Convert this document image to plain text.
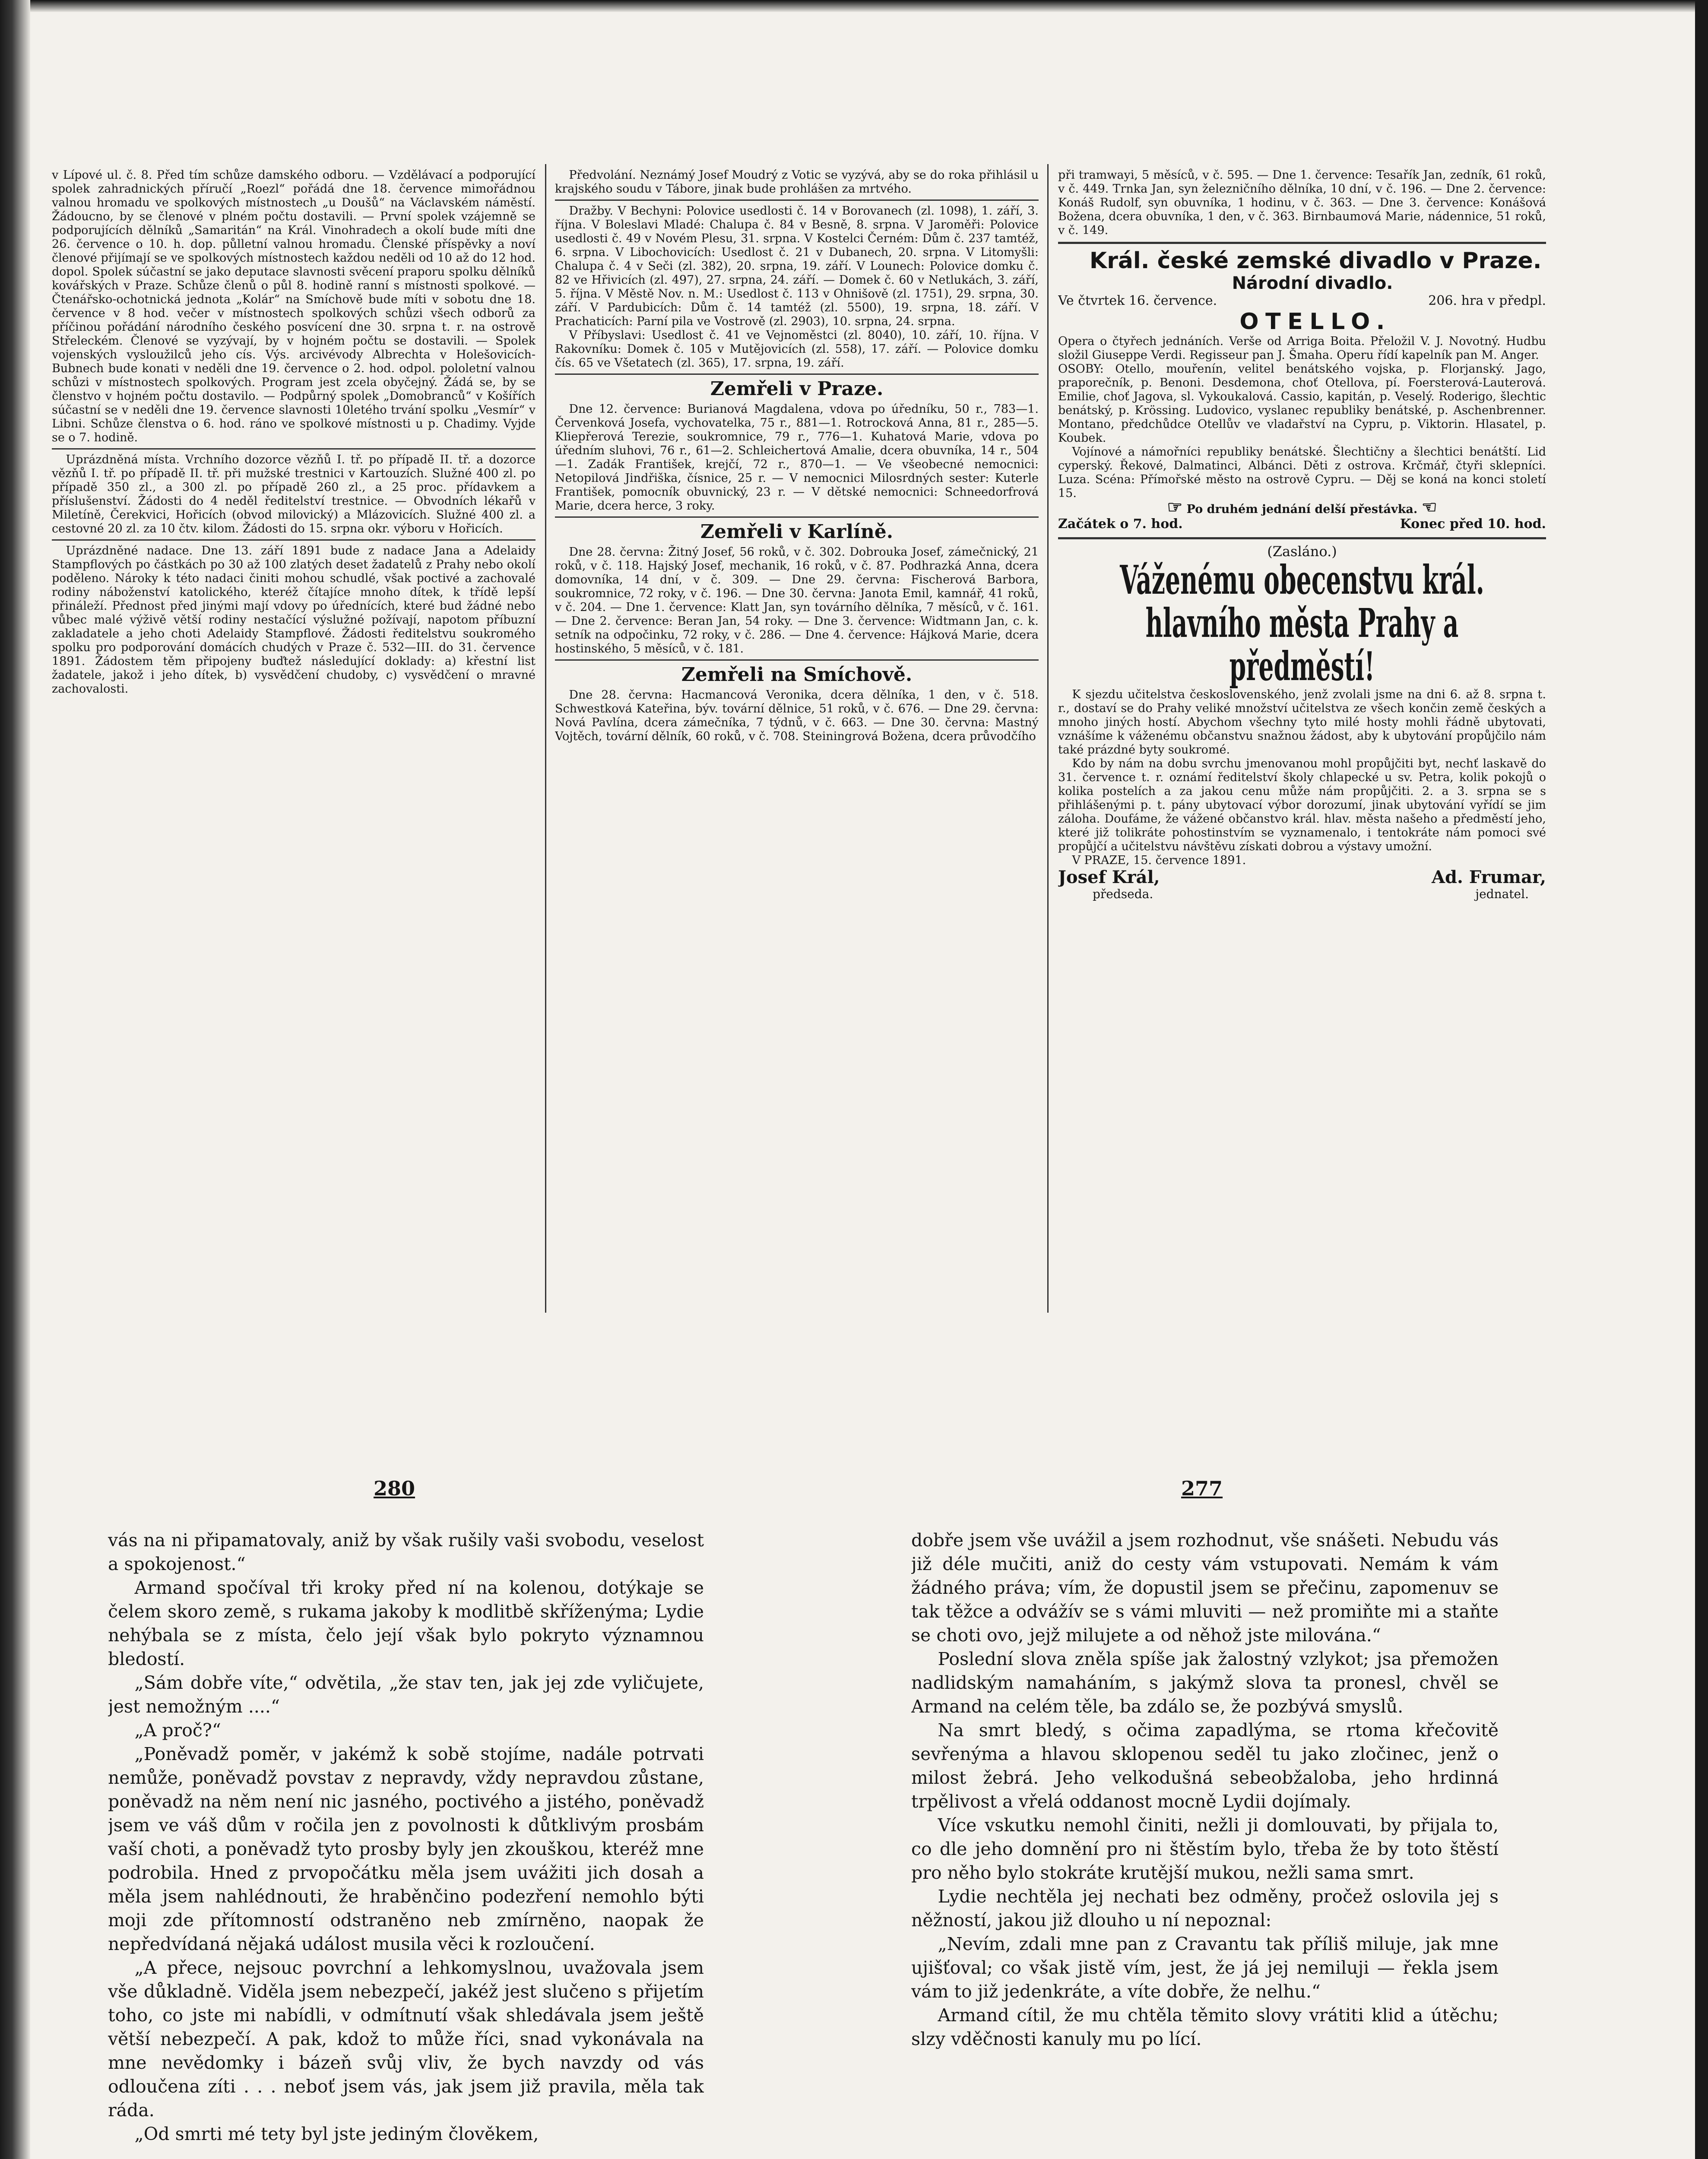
v Lípové ul. č. 8. Před tím schůze damského odboru. — Vzdělávací a podporující spolek zahradnických příručí „Roezl“ pořádá dne 18. července mimořádnou valnou hromadu ve spolkových místnostech „u Doušů“ na Václavském náměstí. Žádoucno, by se členové v plném počtu dostavili. — První spolek vzájemně se podporujících dělníků „Samaritán“ na Král. Vinohradech a okolí bude míti dne 26. července o 10. h. dop. půlletní valnou hromadu. Členské příspěvky a noví členové přijímají se ve spolkových místnostech každou neděli od 10 až do 12 hod. dopol. Spolek súčastní se jako deputace slavnosti svěcení praporu spolku dělníků kovářských v Praze. Schůze členů o půl 8. hodině ranní s místnosti spolkové. — Čtenářsko-ochotnická jednota „Kolár“ na Smíchově bude míti v sobotu dne 18. července v 8 hod. večer v místnostech spolkových schůzi všech odborů za příčinou pořádání národního českého posvícení dne 30. srpna t. r. na ostrově Střeleckém. Členové se vyzývají, by v hojném počtu se dostavili. — Spolek vojenských vysloužilců jeho cís. Výs. arcivévody Albrechta v Holešovicích-Bubnech bude konati v neděli dne 19. července o 2. hod. odpol. pololetní valnou schůzi v místnostech spolkových. Program jest zcela obyčejný. Žádá se, by se členstvo v hojném počtu dostavilo. — Podpůrný spolek „Domobranců“ v Košířích súčastní se v neděli dne 19. července slavnosti 10letého trvání spolku „Vesmír“ v Libni. Schůze členstva o 6. hod. ráno ve spolkové místnosti u p. Chadimy. Vyjde se o 7. hodině.

Uprázdněná místa. Vrchního dozorce vězňů I. tř. po případě II. tř. a dozorce vězňů I. tř. po případě II. tř. při mužské trestnici v Kartouzích. Služné 400 zl. po případě 350 zl., a 300 zl. po případě 260 zl., a 25 proc. přídavkem a příslušenství. Žádosti do 4 neděl ředitelství trestnice. — Obvodních lékařů v Miletíně, Čerekvici, Hořicích (obvod milovický) a Mlázovicích. Služné 400 zl. a cestovné 20 zl. za 10 čtv. kilom. Žádosti do 15. srpna okr. výboru v Hořicích.

Uprázdněné nadace. Dne 13. září 1891 bude z nadace Jana a Adelaidy Stampflových po částkách po 30 až 100 zlatých deset žadatelů z Prahy nebo okolí poděleno. Nároky k této nadaci činiti mohou schudlé, však poctivé a zachovalé rodiny náboženství katolického, kteréž čítajíce mnoho dítek, k třídě lepší přináleží. Přednost před jinými mají vdovy po úřednících, které bud žádné nebo vůbec malé výživě větší rodiny nestačící výslužné požívají, napotom příbuzní zakladatele a jeho choti Adelaidy Stampflové. Žádosti ředitelstvu soukromého spolku pro podporování domácích chudých v Praze č. 532—III. do 31. července 1891. Žádostem těm připojeny buďtež následující doklady: a) křestní list žadatele, jakož i jeho dítek, b) vysvědčení chudoby, c) vysvědčení o mravné zachovalosti.

Předvolání. Neznámý Josef Moudrý z Votic se vyzývá, aby se do roka přihlásil u krajského soudu v Tábore, jinak bude prohlášen za mrtvého.

Dražby. V Bechyni: Polovice usedlosti č. 14 v Borovanech (zl. 1098), 1. září, 3. října. V Boleslavi Mladé: Chalupa č. 84 v Besně, 8. srpna. V Jaroměři: Polovice usedlosti č. 49 v Novém Plesu, 31. srpna. V Kostelci Černém: Dům č. 237 tamtéž, 6. srpna. V Libochovicích: Usedlost č. 21 v Dubanech, 20. srpna. V Litomyšli: Chalupa č. 4 v Seči (zl. 382), 20. srpna, 19. září. V Lounech: Polovice domku č. 82 ve Hřivicích (zl. 497), 27. srpna, 24. září. — Domek č. 60 v Netlukách, 3. září, 5. října. V Městě Nov. n. M.: Usedlost č. 113 v Ohnišově (zl. 1751), 29. srpna, 30. září. V Pardubicích: Dům č. 14 tamtéž (zl. 5500), 19. srpna, 18. září. V Prachaticích: Parní pila ve Vostrově (zl. 2903), 10. srpna, 24. srpna.

V Příbyslavi: Usedlost č. 41 ve Vejnoměstci (zl. 8040), 10. září, 10. října. V Rakovníku: Domek č. 105 v Mutějovicích (zl. 558), 17. září. — Polovice domku čís. 65 ve Všetatech (zl. 365), 17. srpna, 19. září.

Zemřeli v Praze.

Dne 12. července: Burianová Magdalena, vdova po úředníku, 50 r., 783—1. Červenková Josefa, vychovatelka, 75 r., 881—1. Rotrocková Anna, 81 r., 285—5. Kliepřerová Terezie, soukromnice, 79 r., 776—1. Kuhatová Marie, vdova po úředním sluhovi, 76 r., 61—2. Schleichertová Amalie, dcera obuvníka, 14 r., 504—1. Zadák František, krejčí, 72 r., 870—1. — Ve všeobecné nemocnici: Netopilová Jindřiška, čísnice, 25 r. — V nemocnici Milosrdných sester: Kuterle František, pomocník obuvnický, 23 r. — V dětské nemocnici: Schneedorfrová Marie, dcera herce, 3 roky.

Zemřeli v Karlíně.

Dne 28. června: Žitný Josef, 56 roků, v č. 302. Dobrouka Josef, zámečnický, 21 roků, v č. 118. Hajský Josef, mechanik, 16 roků, v č. 87. Podhrazká Anna, dcera domovníka, 14 dní, v č. 309. — Dne 29. června: Fischerová Barbora, soukromnice, 72 roky, v č. 196. — Dne 30. června: Janota Emil, kamnář, 41 roků, v č. 204. — Dne 1. července: Klatt Jan, syn továrního dělníka, 7 měsíců, v č. 161. — Dne 2. července: Beran Jan, 54 roky. — Dne 3. července: Widtmann Jan, c. k. setník na odpočinku, 72 roky, v č. 286. — Dne 4. července: Hájková Marie, dcera hostinského, 5 měsíců, v č. 181.

Zemřeli na Smíchově.

Dne 28. června: Hacmancová Veronika, dcera dělníka, 1 den, v č. 518. Schwestková Kateřina, býv. tovární dělnice, 51 roků, v č. 676. — Dne 29. června: Nová Pavlína, dcera zámečníka, 7 týdnů, v č. 663. — Dne 30. června: Mastný Vojtěch, tovární dělník, 60 roků, v č. 708. Steiningrová Božena, dcera průvodčího

při tramwayi, 5 měsíců, v č. 595. — Dne 1. července: Tesařík Jan, zedník, 61 roků, v č. 449. Trnka Jan, syn železničního dělníka, 10 dní, v č. 196. — Dne 2. července: Konáš Rudolf, syn obuvníka, 1 hodinu, v č. 363. — Dne 3. července: Konášová Božena, dcera obuvníka, 1 den, v č. 363. Birnbaumová Marie, nádennice, 51 roků, v č. 149.

Král. české zemské divadlo v Praze.

Národní divadlo.

Ve čtvrtek 16. července.	206. hra v předpl.

OTELLO.

Opera o čtyřech jednáních. Verše od Arriga Boita. Přeložil V. J. Novotný. Hudbu složil Giuseppe Verdi. Regisseur pan J. Šmaha. Operu řídí kapelník pan M. Anger.

OSOBY: Otello, mouřenín, velitel benátského vojska, p. Florjanský. Jago, praporečník, p. Benoni. Desdemona, choť Otellova, pí. Foersterová-Lauterová. Emilie, choť Jagova, sl. Vykoukalová. Cassio, kapitán, p. Veselý. Roderigo, šlechtic benátský, p. Krössing. Ludovico, vyslanec republiky benátské, p. Aschenbrenner. Montano, předchůdce Otellův ve vladařství na Cypru, p. Viktorin. Hlasatel, p. Koubek.

Vojínové a námořníci republiky benátské. Šlechtičny a šlechtici benátští. Lid cyperský. Řekové, Dalmatinci, Albánci. Děti z ostrova. Krčmář, čtyři sklepníci. Luza. Scéna: Přímořské město na ostrově Cypru. — Děj se koná na konci století 15.

☞ Po druhém jednání delší přestávka. ☜

Začátek o 7. hod.	Konec před 10. hod.

(Zasláno.)

Váženému obecenstvu král. hlavního města Prahy a předměstí!

K sjezdu učitelstva československého, jenž zvolali jsme na dni 6. až 8. srpna t. r., dostaví se do Prahy veliké množství učitelstva ze všech končin země českých a mnoho jiných hostí. Abychom všechny tyto milé hosty mohli řádně ubytovati, vznášíme k váženému občanstvu snažnou žádost, aby k ubytování propůjčilo nám také prázdné byty soukromé.

Kdo by nám na dobu svrchu jmenovanou mohl propůjčiti byt, nechť laskavě do 31. července t. r. oznámí ředitelství školy chlapecké u sv. Petra, kolik pokojů o kolika postelích a za jakou cenu může nám propůjčiti. 2. a 3. srpna se s přihlášenými p. t. pány ubytovací výbor dorozumí, jinak ubytování vyřídí se jim záloha. Doufáme, že vážené občanstvo král. hlav. města našeho a předměstí jeho, které již tolikráte pohostinstvím se vyznamenalo, i tentokráte nám pomoci své propůjčí a učitelstvu návštěvu získati dobrou a výstavy umožní.

V PRAZE, 15. července 1891.

Josef Král,	Ad. Frumar,
předseda.	jednatel.
280	277

vás na ni připamatovaly, aniž by však rušily vaši svobodu, veselost a spokojenost.“

Armand spočíval tři kroky před ní na kolenou, dotýkaje se čelem skoro země, s rukama jakoby k modlitbě skříženýma; Lydie nehýbala se z místa, čelo její však bylo pokryto významnou bledostí.

„Sám dobře víte,“ odvětila, „že stav ten, jak jej zde vyličujete, jest nemožným ....“

„A proč?“

„Poněvadž poměr, v jakémž k sobě stojíme, nadále potrvati nemůže, poněvadž povstav z nepravdy, vždy nepravdou zůstane, poněvadž na něm není nic jasného, poctivého a jistého, poněvadž jsem ve váš dům v ročila jen z povolnosti k důtklivým prosbám vaší choti, a poněvadž tyto prosby byly jen zkouškou, kteréž mne podrobila. Hned z prvopočátku měla jsem uvážiti jich dosah a měla jsem nahlédnouti, že hraběnčino podezření nemohlo býti moji zde přítomností odstraněno neb zmírněno, naopak že nepředvídaná nějaká událost musila věci k rozloučení.

„A přece, nejsouc povrchní a lehkomyslnou, uvažovala jsem vše důkladně. Viděla jsem nebezpečí, jakéž jest slučeno s přijetím toho, co jste mi nabídli, v odmítnutí však shledávala jsem ještě větší nebezpečí. A pak, kdož to může říci, snad vykonávala na mne nevědomky i bázeň svůj vliv, že bych navzdy od vás odloučena zíti . . . neboť jsem vás, jak jsem již pravila, měla tak ráda.

„Od smrti mé tety byl jste jediným člověkem,

dobře jsem vše uvážil a jsem rozhodnut, vše snášeti. Nebudu vás již déle mučiti, aniž do cesty vám vstupovati. Nemám k vám žádného práva; vím, že dopustil jsem se přečinu, zapomenuv se tak těžce a odvážív se s vámi mluviti — než promiňte mi a staňte se choti ovo, jejž milujete a od něhož jste milována.“

Poslední slova zněla spíše jak žalostný vzlykot; jsa přemožen nadlidským namaháním, s jakýmž slova ta pronesl, chvěl se Armand na celém těle, ba zdálo se, že pozbývá smyslů.

Na smrt bledý, s očima zapadlýma, se rtoma křečovitě sevřenýma a hlavou sklopenou seděl tu jako zločinec, jenž o milost žebrá. Jeho velkodušná sebeobžaloba, jeho hrdinná trpělivost a vřelá oddanost mocně Lydii dojímaly.

Více vskutku nemohl činiti, nežli ji domlouvati, by přijala to, co dle jeho domnění pro ni štěstím bylo, třeba že by toto štěstí pro něho bylo stokráte krutější mukou, nežli sama smrt.

Lydie nechtěla jej nechati bez odměny, pročež oslovila jej s něžností, jakou již dlouho u ní nepoznal:

„Nevím, zdali mne pan z Cravantu tak příliš miluje, jak mne ujišťoval; co však jistě vím, jest, že já jej nemiluji — řekla jsem vám to již jedenkráte, a víte dobře, že nelhu.“

Armand cítil, že mu chtěla těmito slovy vrátiti klid a útěchu; slzy vděčnosti kanuly mu po lící.
